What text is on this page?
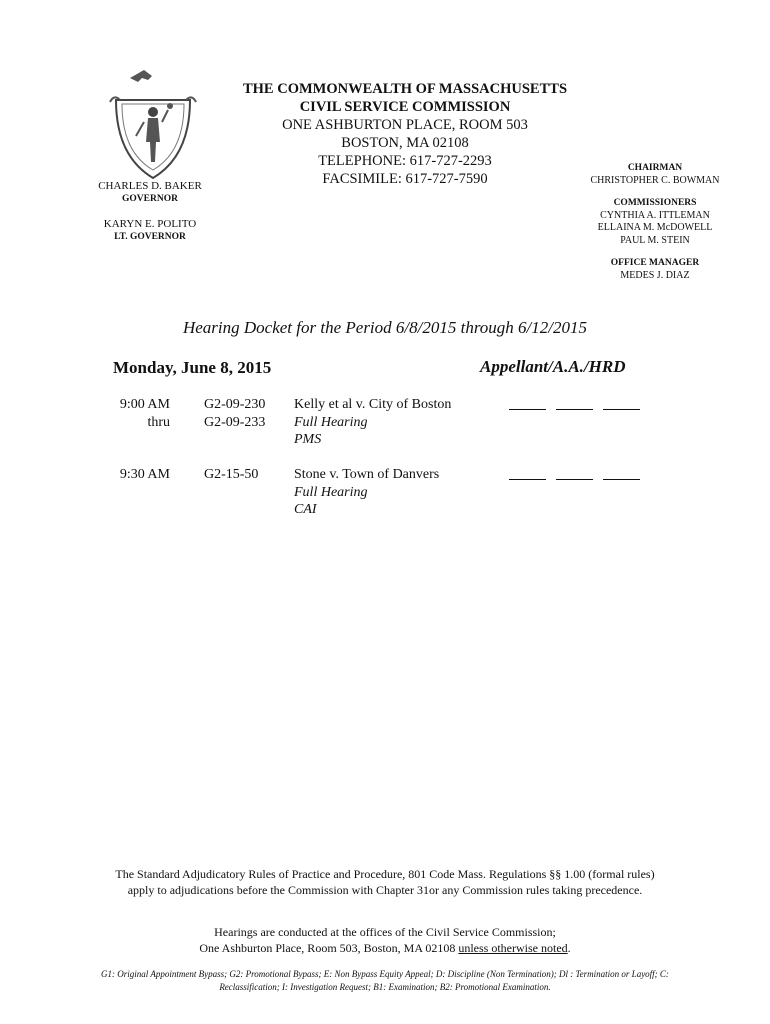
THE COMMONWEALTH OF MASSACHUSETTS
CIVIL SERVICE COMMISSION
ONE ASHBURTON PLACE, ROOM 503
BOSTON, MA 02108
TELEPHONE: 617-727-2293
FACSIMILE: 617-727-7590
CHARLES D. BAKER
GOVERNOR
KARYN E. POLITO
LT. GOVERNOR
CHAIRMAN
CHRISTOPHER C. BOWMAN
COMMISSIONERS
CYNTHIA A. ITTLEMAN
ELLAINA M. McDOWELL
PAUL M. STEIN
OFFICE MANAGER
MEDES J. DIAZ
Hearing Docket for the Period 6/8/2015 through 6/12/2015
Monday, June 8, 2015	Appellant/A.A./HRD
9:00 AM
thru
G2-09-230
G2-09-233
Kelly et al v. City of Boston
Full Hearing
PMS
9:30 AM G2-15-50	Stone v. Town of Danvers
Full Hearing
CAI
The Standard Adjudicatory Rules of Practice and Procedure, 801 Code Mass. Regulations §§ 1.00 (formal rules) apply to adjudications before the Commission with Chapter 31or any Commission rules taking precedence.
Hearings are conducted at the offices of the Civil Service Commission;
One Ashburton Place, Room 503, Boston, MA 02108 unless otherwise noted.
G1: Original Appointment Bypass; G2: Promotional Bypass; E: Non Bypass Equity Appeal; D: Discipline (Non Termination); Dl : Termination or Layoff; C: Reclassification; I: Investigation Request; B1: Examination; B2: Promotional Examination.
